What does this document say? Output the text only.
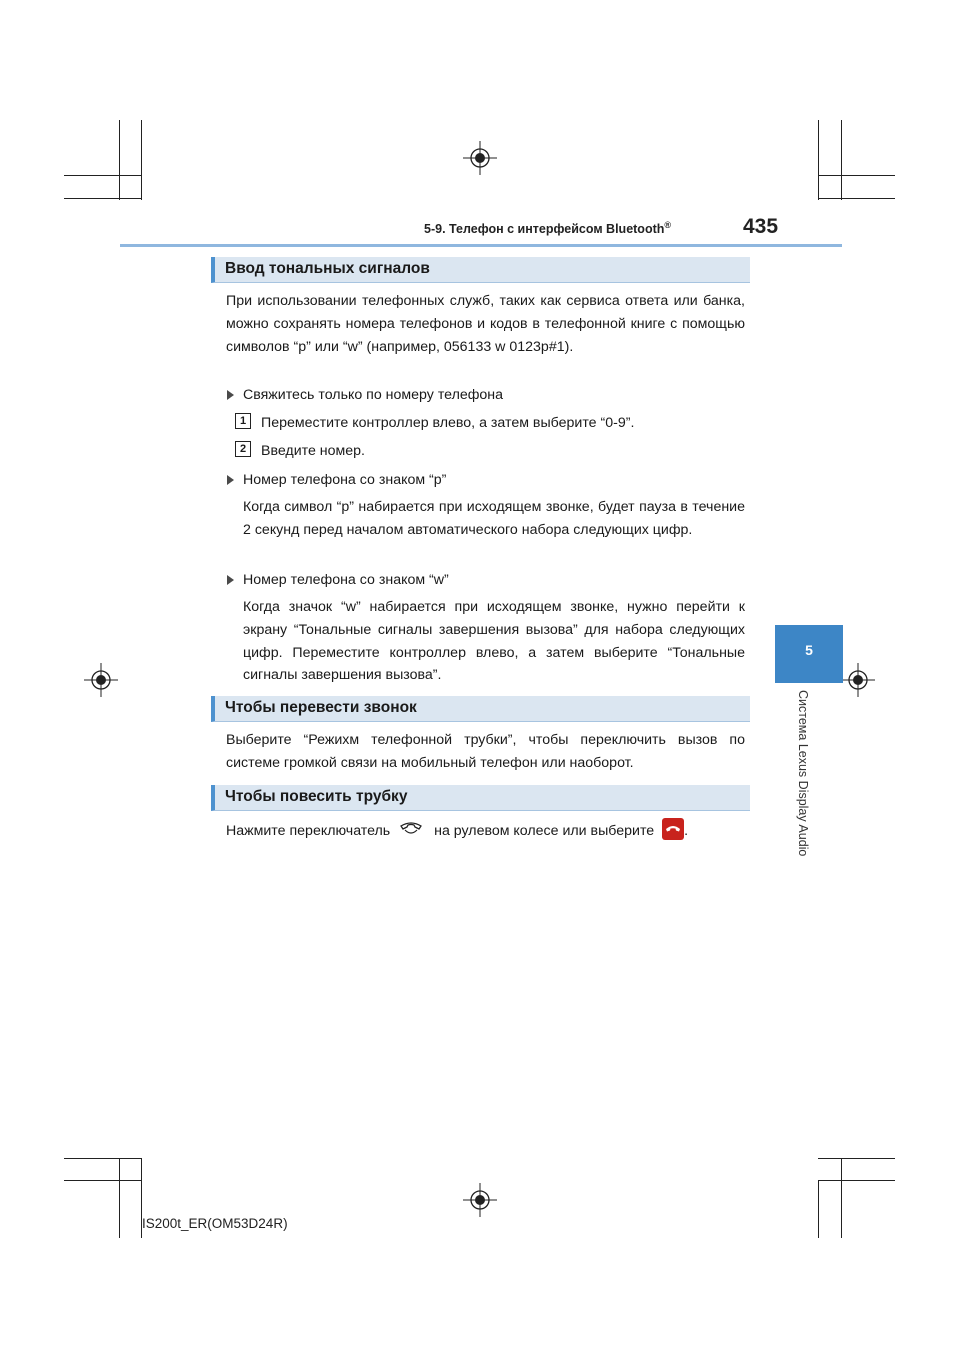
5-9. Телефон с интерфейсом Bluetooth®	435
5
Система Lexus Display Audio
Ввод тональных сигналов
При использовании телефонных служб, таких как сервиса ответа или банка, можно сохранять номера телефонов и кодов в телефонной книге с помощью символов “p” или “w” (например, 056133 w 0123p#1).
Свяжитесь только по номеру телефона
1	Переместите контроллер влево, а затем выберите “0-9”.
2	Введите номер.
Номер телефона со знаком “p”
Когда символ “p” набирается при исходящем звонке, будет пауза в течение 2 секунд перед началом автоматического набора следующих цифр.
Номер телефона со знаком “w”
Когда значок “w” набирается при исходящем звонке, нужно перейти к экрану “Тональные сигналы завершения вызова” для набора следующих цифр. Переместите контроллер влево, а затем выберите “Тональные сигналы завершения вызова”.
Чтобы перевести звонок
Выберите “Режихм телефонной трубки”, чтобы переключить вызов по системе громкой связи на мобильный телефон или наоборот.
Чтобы повесить трубку
Нажмите переключатель	на рулевом колесе или выберите .
IS200t_ER(OM53D24R)
